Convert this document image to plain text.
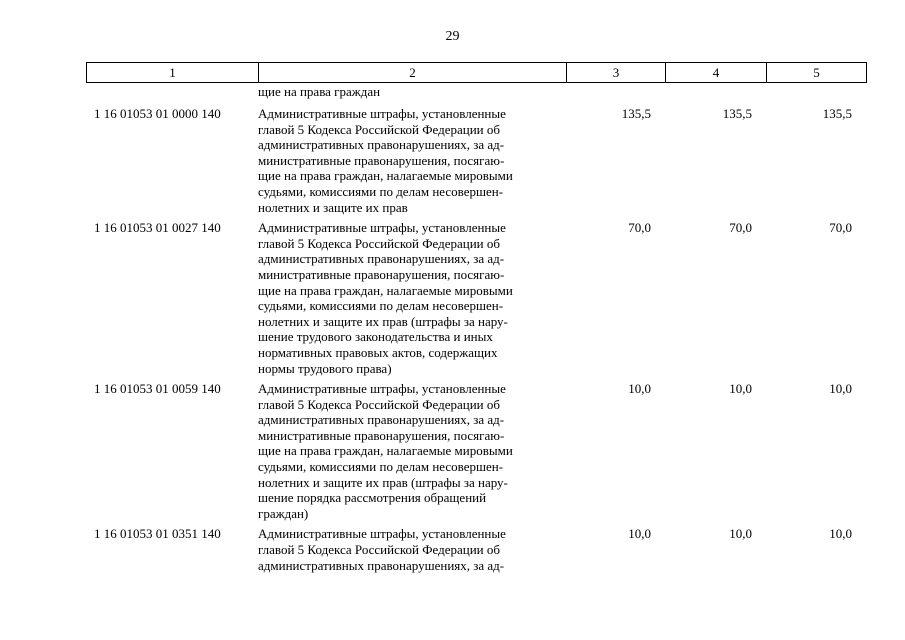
29
1	2	3	4	5
щие на права граждан
1 16 01053 01 0000 140	Административные штрафы, установленные
главой 5 Кодекса Российской Федерации об
административных правонарушениях, за ад-
министративные правонарушения, посягаю-
щие на права граждан, налагаемые мировыми
судьями, комиссиями по делам несовершен-
нолетних и защите их прав
135,5	135,5	135,5
1 16 01053 01 0027 140	Административные штрафы, установленные
главой 5 Кодекса Российской Федерации об
административных правонарушениях, за ад-
министративные правонарушения, посягаю-
щие на права граждан, налагаемые мировыми
судьями, комиссиями по делам несовершен-
нолетних и защите их прав (штрафы за нару-
шение трудового законодательства и иных
нормативных правовых актов, содержащих
нормы трудового права)
70,0	70,0	70,0
1 16 01053 01 0059 140	Административные штрафы, установленные
главой 5 Кодекса Российской Федерации об
административных правонарушениях, за ад-
министративные правонарушения, посягаю-
щие на права граждан, налагаемые мировыми
судьями, комиссиями по делам несовершен-
нолетних и защите их прав (штрафы за нару-
шение порядка рассмотрения обращений
граждан)
10,0	10,0	10,0
1 16 01053 01 0351 140	Административные штрафы, установленные
главой 5 Кодекса Российской Федерации об
административных правонарушениях, за ад-
10,0	10,0	10,0
